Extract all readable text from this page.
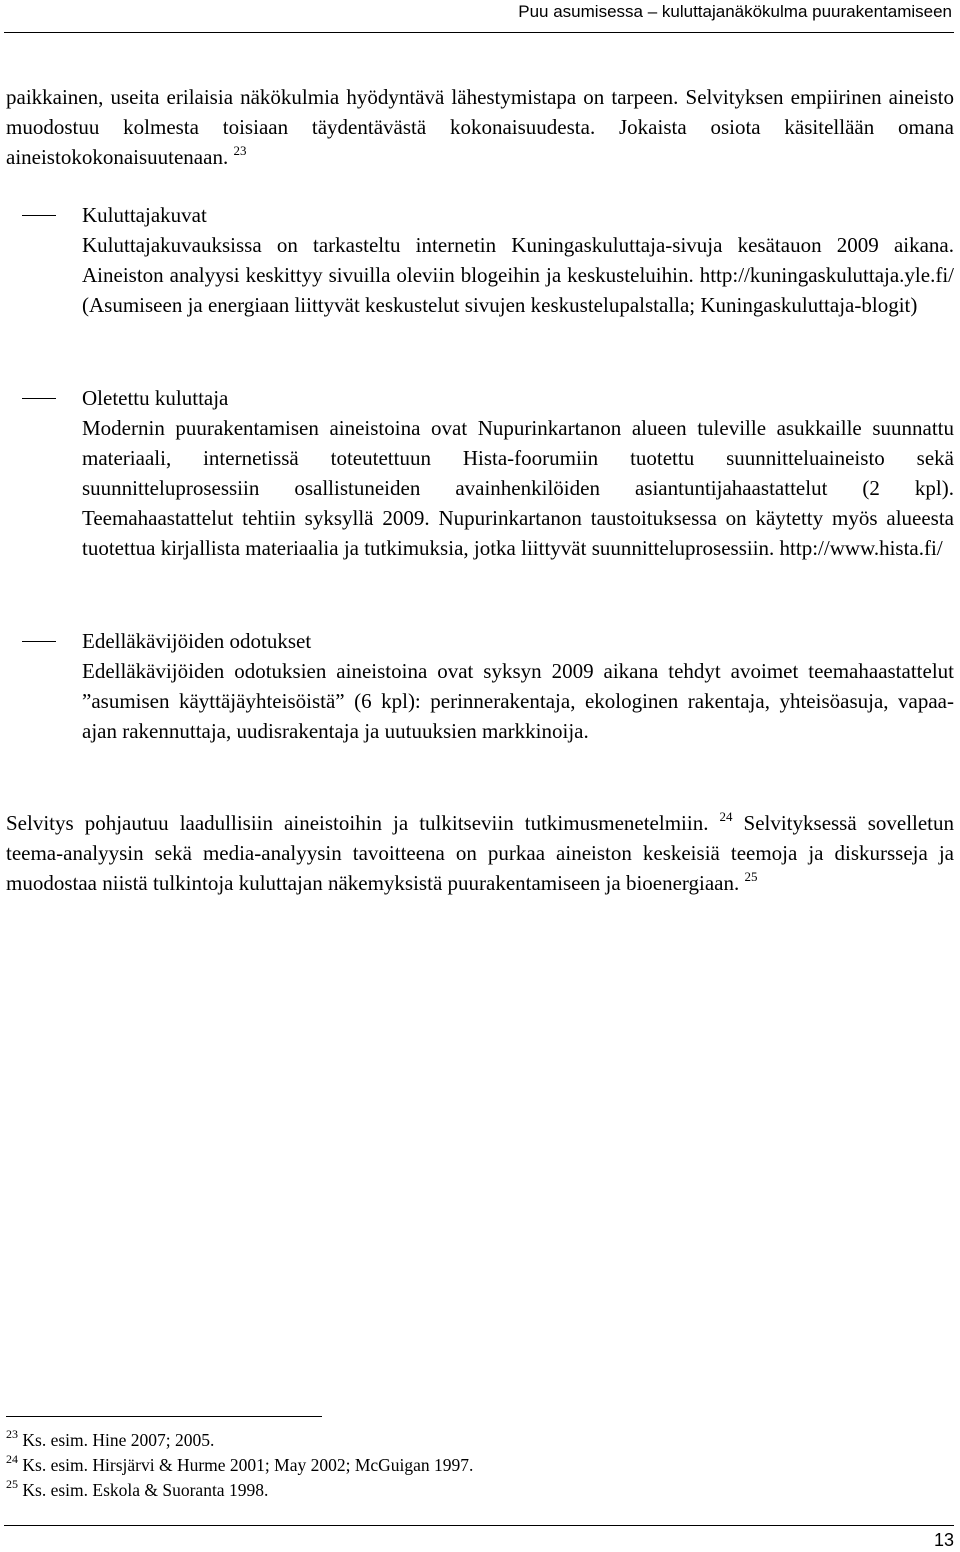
Puu asumisessa – kuluttajanäkökulma puurakentamiseen
paikkainen, useita erilaisia näkökulmia hyödyntävä lähestymistapa on tarpeen. Selvityksen empiirinen aineisto muodostuu kolmesta toisiaan täydentävästä kokonaisuudesta. Jokaista osiota käsitellään omana aineistokokonaisuutenaan. $^{23}$
Kuluttajakuvat
Kuluttajakuvauksissa on tarkasteltu internetin Kuningaskuluttaja-sivuja kesätauon 2009 aikana. Aineiston analyysi keskittyy sivuilla oleviin blogeihin ja keskusteluihin. http://kuningaskuluttaja.yle.fi/ (Asumiseen ja energiaan liittyvät keskustelut sivujen keskustelupalstalla; Kuningaskuluttaja-blogit)
Oletettu kuluttaja
Modernin puurakentamisen aineistoina ovat Nupurinkartanon alueen tuleville asukkaille suunnattu materiaali, internetissä toteutettuun Hista-foorumiin tuotettu suunnitteluaineisto sekä suunnitteluprosessiin osallistuneiden avainhenkilöiden asiantuntijahaastattelut (2 kpl). Teemahaastattelut tehtiin syksyllä 2009. Nupurinkartanon taustoituksessa on käytetty myös alueesta tuotettua kirjallista materiaalia ja tutkimuksia, jotka liittyvät suunnitteluprosessiin. http://www.hista.fi/
Edelläkävijöiden odotukset
Edelläkävijöiden odotuksien aineistoina ovat syksyn 2009 aikana tehdyt avoimet teemahaastattelut ”asumisen käyttäjäyhteisöistä” (6 kpl): perinnerakentaja, ekologinen rakentaja, yhteisöasuja, vapaa-ajan rakennuttaja, uudisrakentaja ja uutuuksien markkinoija.
Selvitys pohjautuu laadullisiin aineistoihin ja tulkitseviin tutkimusmenetelmiin. $^{24}$ Selvityksessä sovelletun teema-analyysin sekä media-analyysin tavoitteena on purkaa aineiston keskeisiä teemoja ja diskursseja ja muodostaa niistä tulkintoja kuluttajan näkemyksistä puurakentamiseen ja bioenergiaan. $^{25}$
$^{23}$ Ks. esim. Hine 2007; 2005.
$^{24}$ Ks. esim. Hirsjärvi & Hurme 2001; May 2002; McGuigan 1997.
$^{25}$ Ks. esim. Eskola & Suoranta 1998.
13
